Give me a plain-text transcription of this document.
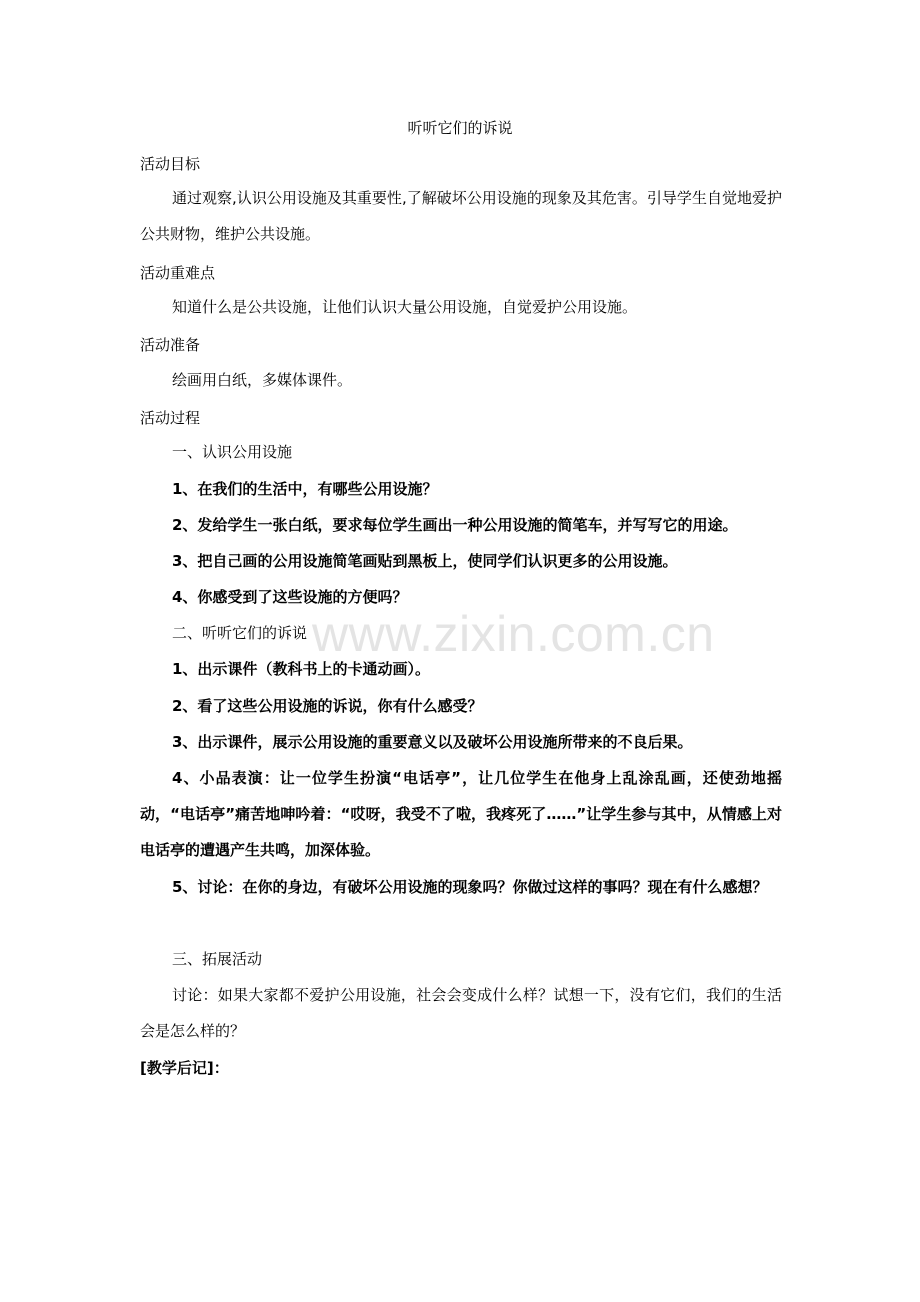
听听它们的诉说
活动目标
通过观察,认识公用设施及其重要性,了解破坏公用设施的现象及其危害。引导学生自觉地爱护公共财物，维护公共设施。
活动重难点
知道什么是公共设施，让他们认识大量公用设施，自觉爱护公用设施。
活动准备
绘画用白纸，多媒体课件。
活动过程
一、认识公用设施
1、在我们的生活中，有哪些公用设施？
2、发给学生一张白纸，要求每位学生画出一种公用设施的简笔车，并写写它的用途。
3、把自己画的公用设施简笔画贴到黑板上，使同学们认识更多的公用设施。
4、你感受到了这些设施的方便吗？
二、听听它们的诉说
1、出示课件（教科书上的卡通动画）。
2、看了这些公用设施的诉说，你有什么感受？
3、出示课件，展示公用设施的重要意义以及破坏公用设施所带来的不良后果。
4、小品表演：让一位学生扮演“电话亭”，让几位学生在他身上乱涂乱画，还使劲地摇动，“电话亭”痛苦地呻吟着：“哎呀，我受不了啦，我疼死了……”让学生参与其中，从情感上对电话亭的遭遇产生共鸣，加深体验。
5、讨论：在你的身边，有破坏公用设施的现象吗？你做过这样的事吗？现在有什么感想？
三、拓展活动
讨论：如果大家都不爱护公用设施，社会会变成什么样？试想一下，没有它们，我们的生活会是怎么样的？
[教学后记]：
www.zixin.com.cn
